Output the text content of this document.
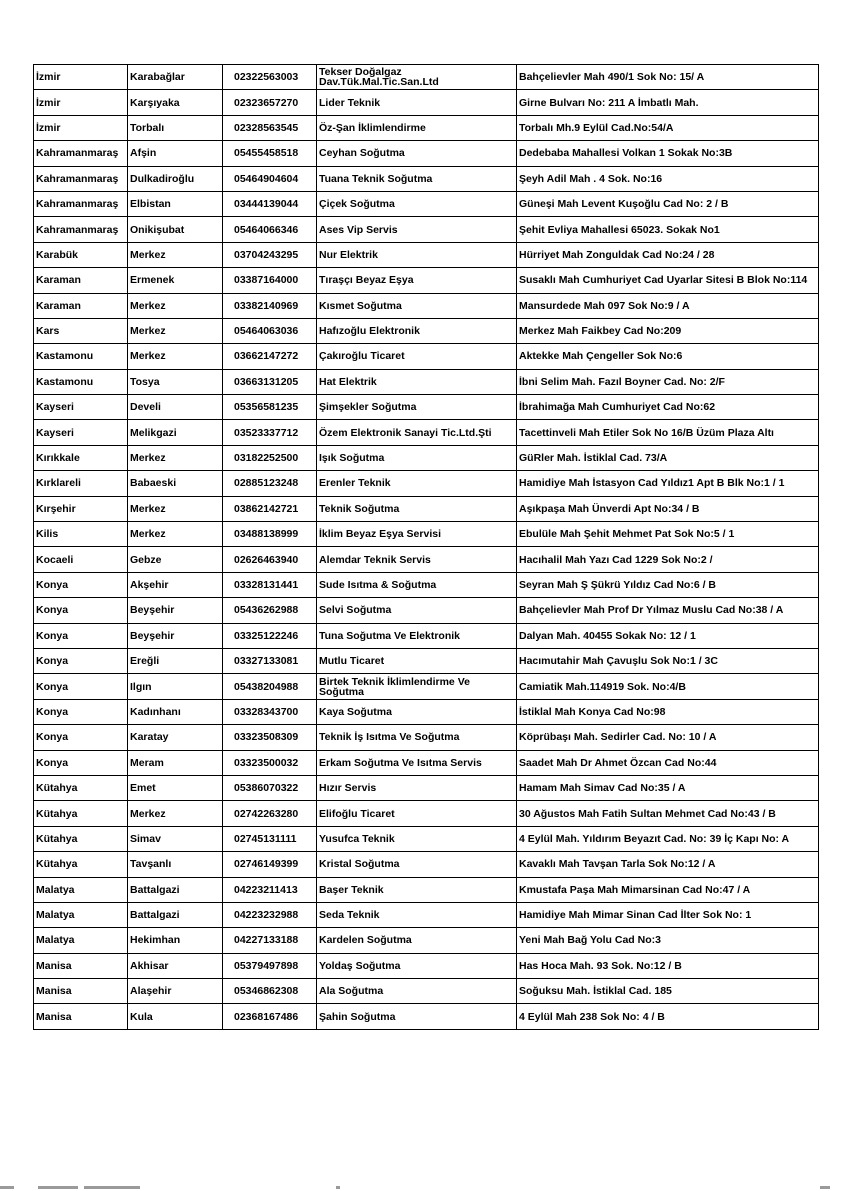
İzmir	Karabağlar	02322563003	Tekser Doğalgaz Dav.Tük.Mal.Tic.San.Ltd	Bahçelievler Mah 490/1 Sok No: 15/ A
İzmir	Karşıyaka	02323657270	Lider Teknik	Girne Bulvarı No: 211 A İmbatlı Mah.
İzmir	Torbalı	02328563545	Öz-Şan İklimlendirme	Torbalı Mh.9 Eylül Cad.No:54/A
Kahramanmaraş	Afşin	05455458518	Ceyhan Soğutma	Dedebaba Mahallesi Volkan 1 Sokak No:3B
Kahramanmaraş	Dulkadiroğlu	05464904604	Tuana Teknik Soğutma	Şeyh Adil Mah . 4 Sok. No:16
Kahramanmaraş	Elbistan	03444139044	Çiçek Soğutma	Güneşi Mah Levent Kuşoğlu Cad No: 2 / B
Kahramanmaraş	Onikişubat	05464066346	Ases Vip Servis	Şehit Evliya Mahallesi 65023. Sokak No1
Karabük	Merkez	03704243295	Nur Elektrik	Hürriyet Mah Zonguldak Cad No:24 / 28
Karaman	Ermenek	03387164000	Tıraşçı Beyaz Eşya	Susaklı Mah Cumhuriyet Cad Uyarlar Sitesi B Blok No:114
Karaman	Merkez	03382140969	Kısmet Soğutma	Mansurdede Mah 097 Sok No:9 / A
Kars	Merkez	05464063036	Hafızoğlu Elektronik	Merkez Mah Faikbey Cad No:209
Kastamonu	Merkez	03662147272	Çakıroğlu Ticaret	Aktekke Mah Çengeller Sok No:6
Kastamonu	Tosya	03663131205	Hat Elektrik	İbni Selim Mah. Fazıl Boyner Cad. No: 2/F
Kayseri	Develi	05356581235	Şimşekler Soğutma	İbrahimağa Mah Cumhuriyet Cad No:62
Kayseri	Melikgazi	03523337712	Özem Elektronik Sanayi Tic.Ltd.Şti	Tacettinveli Mah Etiler Sok No 16/B Üzüm Plaza Altı
Kırıkkale	Merkez	03182252500	Işık Soğutma	GüRler Mah. İstiklal Cad. 73/A
Kırklareli	Babaeski	02885123248	Erenler Teknik	Hamidiye Mah İstasyon Cad Yıldız1 Apt B Blk No:1 / 1
Kırşehir	Merkez	03862142721	Teknik Soğutma	Aşıkpaşa Mah Ünverdi Apt No:34 / B
Kilis	Merkez	03488138999	İklim Beyaz Eşya Servisi	Ebulüle Mah Şehit Mehmet Pat Sok No:5 / 1
Kocaeli	Gebze	02626463940	Alemdar Teknik Servis	Hacıhalil Mah Yazı Cad 1229 Sok No:2 /
Konya	Akşehir	03328131441	Sude Isıtma & Soğutma	Seyran Mah Ş Şükrü Yıldız Cad No:6 / B
Konya	Beyşehir	05436262988	Selvi Soğutma	Bahçelievler Mah Prof Dr Yılmaz Muslu Cad No:38 / A
Konya	Beyşehir	03325122246	Tuna Soğutma Ve Elektronik	Dalyan Mah. 40455 Sokak No: 12 / 1
Konya	Ereğli	03327133081	Mutlu Ticaret	Hacımutahir Mah Çavuşlu Sok No:1 / 3C
Konya	Ilgın	05438204988	Birtek Teknik İklimlendirme Ve Soğutma	Camiatik Mah.114919 Sok. No:4/B
Konya	Kadınhanı	03328343700	Kaya Soğutma	İstiklal Mah Konya Cad No:98
Konya	Karatay	03323508309	Teknik İş Isıtma Ve Soğutma	Köprübaşı Mah. Sedirler Cad. No: 10 / A
Konya	Meram	03323500032	Erkam Soğutma Ve Isıtma Servis	Saadet Mah Dr Ahmet Özcan Cad No:44
Kütahya	Emet	05386070322	Hızır Servis	Hamam Mah Simav Cad No:35 / A
Kütahya	Merkez	02742263280	Elifoğlu Ticaret	30 Ağustos Mah Fatih Sultan Mehmet Cad No:43 / B
Kütahya	Simav	02745131111	Yusufca Teknik	4 Eylül Mah. Yıldırım Beyazıt Cad. No: 39 İç Kapı No: A
Kütahya	Tavşanlı	02746149399	Kristal Soğutma	Kavaklı Mah Tavşan Tarla Sok No:12 / A
Malatya	Battalgazi	04223211413	Başer Teknik	Kmustafa Paşa Mah Mimarsinan Cad No:47 / A
Malatya	Battalgazi	04223232988	Seda Teknik	Hamidiye Mah Mimar Sinan Cad İlter Sok No: 1
Malatya	Hekimhan	04227133188	Kardelen Soğutma	Yeni Mah Bağ Yolu Cad No:3
Manisa	Akhisar	05379497898	Yoldaş Soğutma	Has Hoca Mah. 93 Sok. No:12 / B
Manisa	Alaşehir	05346862308	Ala Soğutma	Soğuksu Mah. İstiklal Cad. 185
Manisa	Kula	02368167486	Şahin Soğutma	4 Eylül Mah 238 Sok No: 4 / B
